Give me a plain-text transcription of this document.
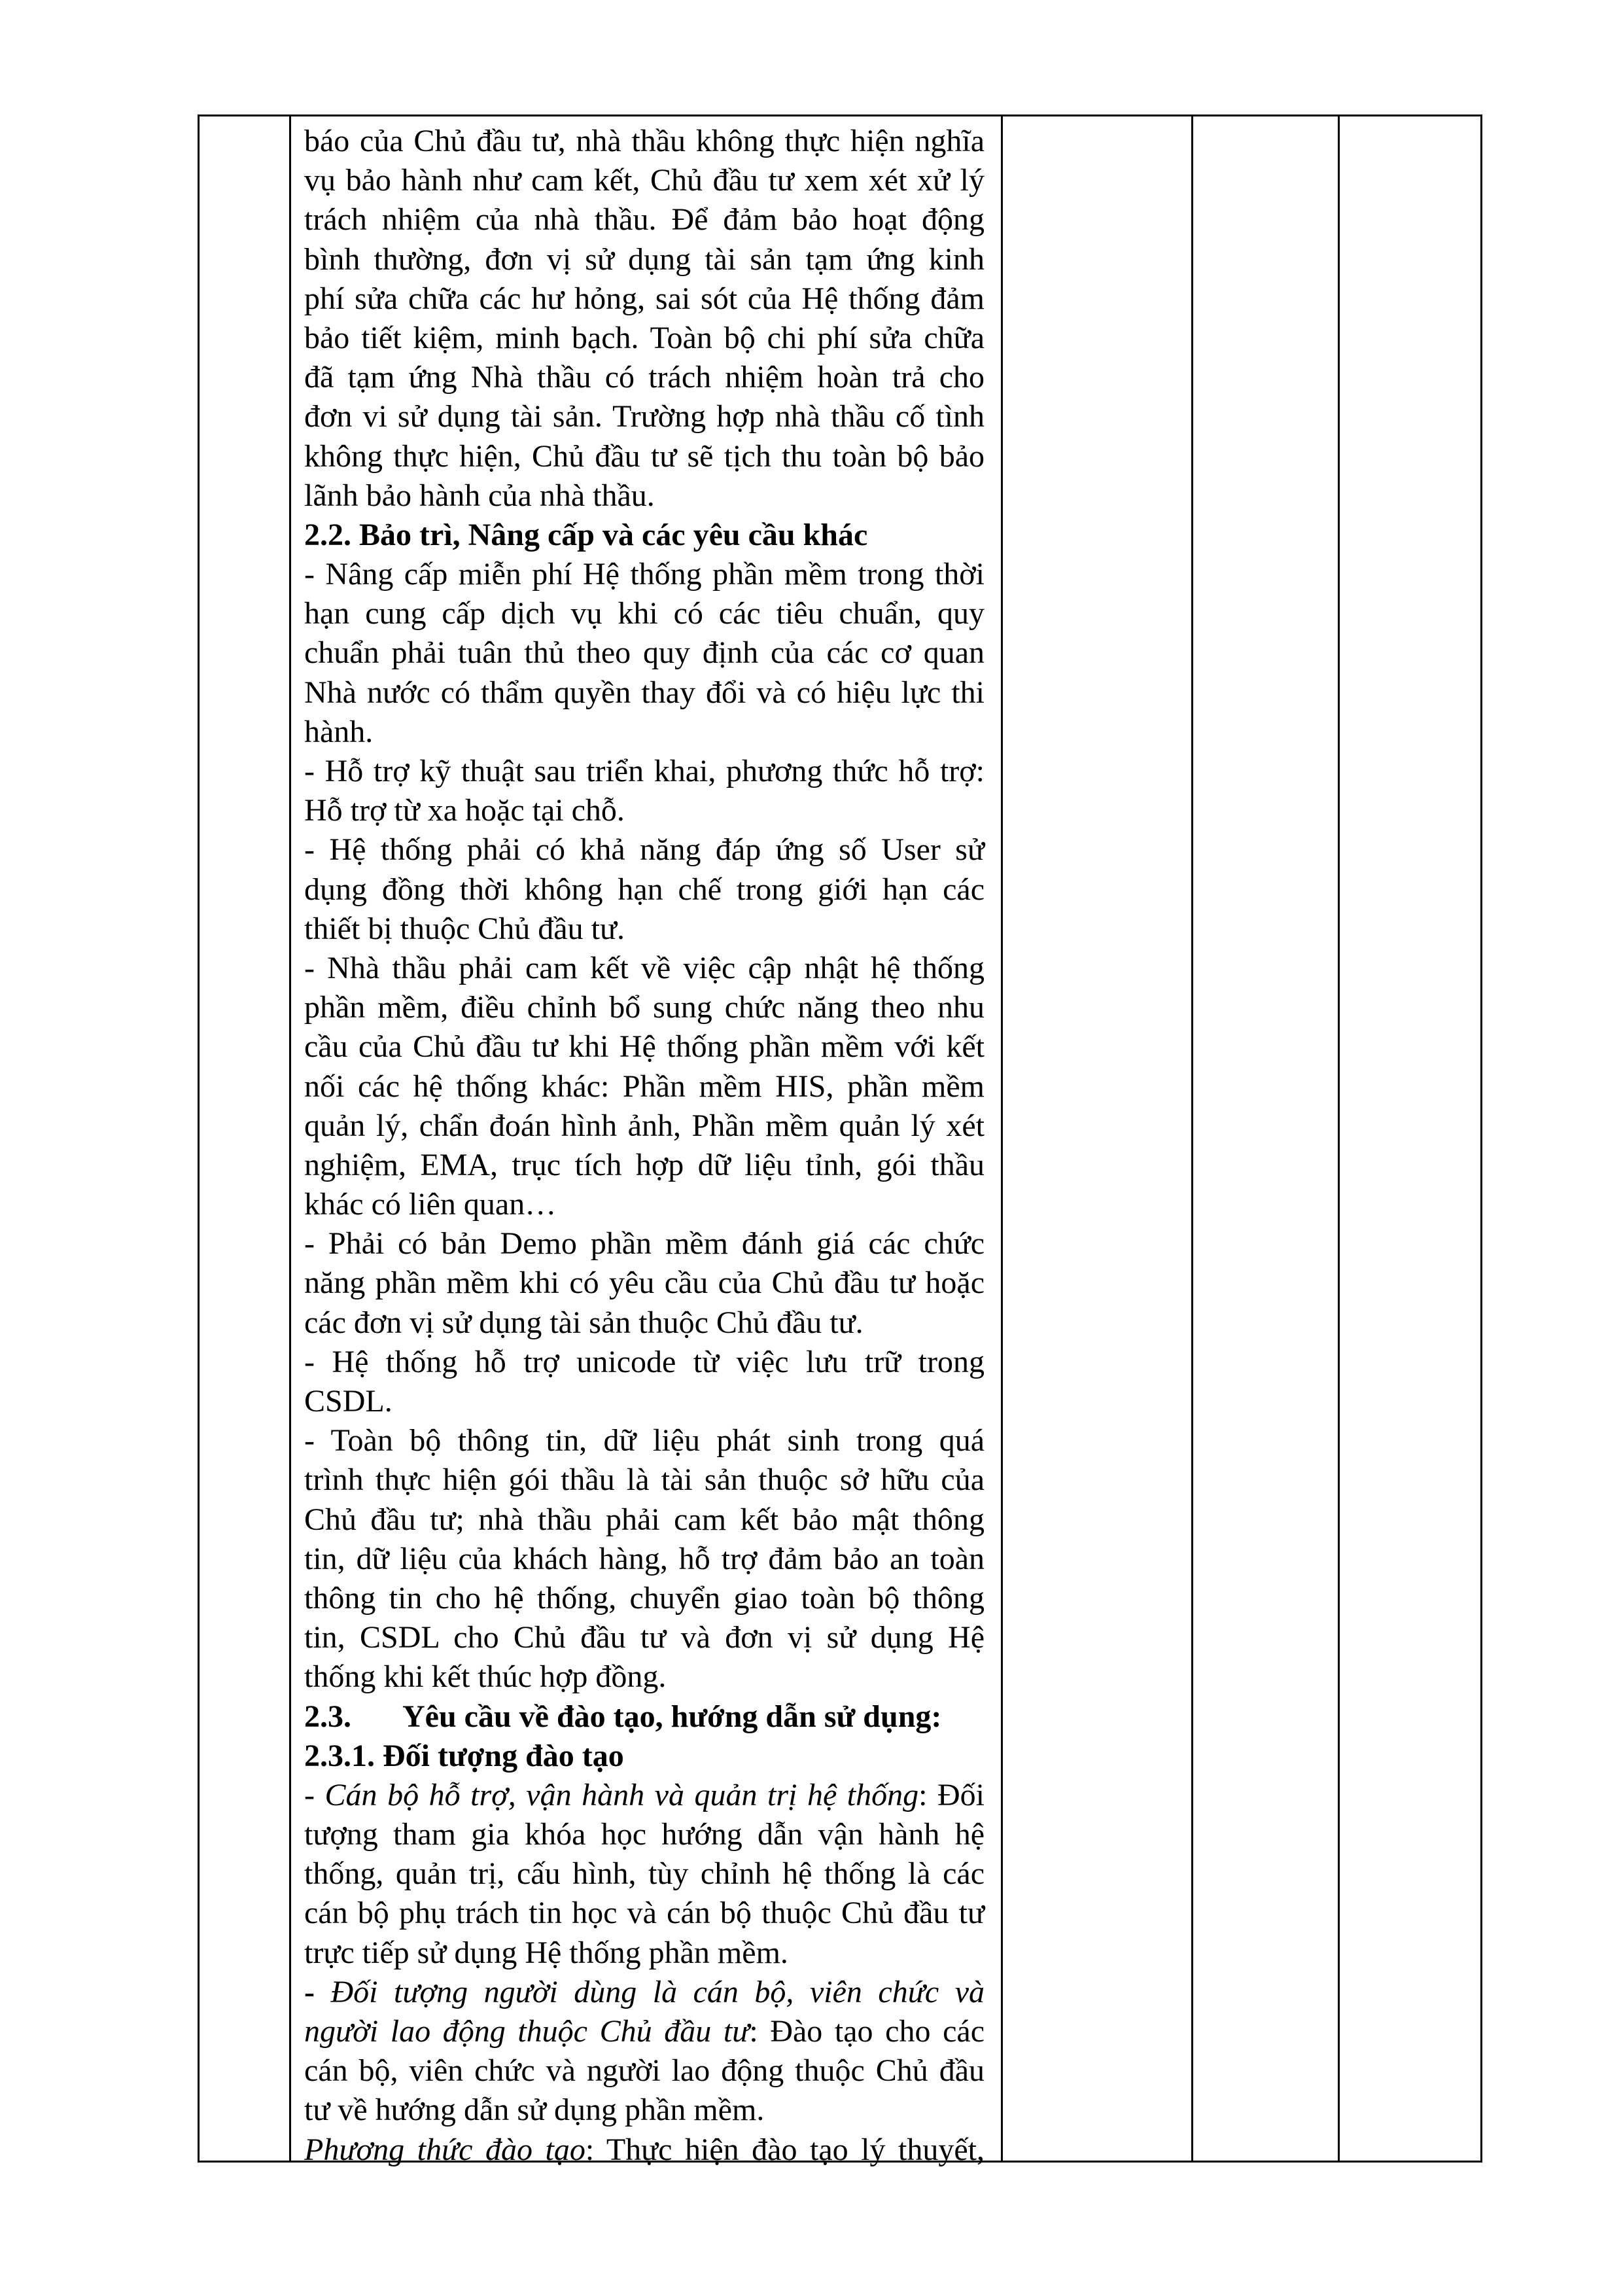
báo của Chủ đầu tư, nhà thầu không thực hiện nghĩa
vụ bảo hành như cam kết, Chủ đầu tư xem xét xử lý
trách nhiệm của nhà thầu. Để đảm bảo hoạt động
bình thường, đơn vị sử dụng tài sản tạm ứng kinh
phí sửa chữa các hư hỏng, sai sót của Hệ thống đảm
bảo tiết kiệm, minh bạch. Toàn bộ chi phí sửa chữa
đã tạm ứng Nhà thầu có trách nhiệm hoàn trả cho
đơn vi sử dụng tài sản. Trường hợp nhà thầu cố tình
không thực hiện, Chủ đầu tư sẽ tịch thu toàn bộ bảo
lãnh bảo hành của nhà thầu.
2.2. Bảo trì, Nâng cấp và các yêu cầu khác
- Nâng cấp miễn phí Hệ thống phần mềm trong thời
hạn cung cấp dịch vụ khi có các tiêu chuẩn, quy
chuẩn phải tuân thủ theo quy định của các cơ quan
Nhà nước có thẩm quyền thay đổi và có hiệu lực thi
hành.
- Hỗ trợ kỹ thuật sau triển khai, phương thức hỗ trợ:
Hỗ trợ từ xa hoặc tại chỗ.
- Hệ thống phải có khả năng đáp ứng số User sử
dụng đồng thời không hạn chế trong giới hạn các
thiết bị thuộc Chủ đầu tư.
- Nhà thầu phải cam kết về việc cập nhật hệ thống
phần mềm, điều chỉnh bổ sung chức năng theo nhu
cầu của Chủ đầu tư khi Hệ thống phần mềm với kết
nối các hệ thống khác: Phần mềm HIS, phần mềm
quản lý, chẩn đoán hình ảnh, Phần mềm quản lý xét
nghiệm, EMA, trục tích hợp dữ liệu tỉnh, gói thầu
khác có liên quan…
- Phải có bản Demo phần mềm đánh giá các chức
năng phần mềm khi có yêu cầu của Chủ đầu tư hoặc
các đơn vị sử dụng tài sản thuộc Chủ đầu tư.
- Hệ thống hỗ trợ unicode từ việc lưu trữ trong
CSDL.
- Toàn bộ thông tin, dữ liệu phát sinh trong quá
trình thực hiện gói thầu là tài sản thuộc sở hữu của
Chủ đầu tư; nhà thầu phải cam kết bảo mật thông
tin, dữ liệu của khách hàng, hỗ trợ đảm bảo an toàn
thông tin cho hệ thống, chuyển giao toàn bộ thông
tin, CSDL cho Chủ đầu tư và đơn vị sử dụng Hệ
thống khi kết thúc hợp đồng.
2.3. Yêu cầu về đào tạo, hướng dẫn sử dụng:
2.3.1. Đối tượng đào tạo
- Cán bộ hỗ trợ, vận hành và quản trị hệ thống: Đối
tượng tham gia khóa học hướng dẫn vận hành hệ
thống, quản trị, cấu hình, tùy chỉnh hệ thống là các
cán bộ phụ trách tin học và cán bộ thuộc Chủ đầu tư
trực tiếp sử dụng Hệ thống phần mềm.
- Đối tượng người dùng là cán bộ, viên chức và
người lao động thuộc Chủ đầu tư: Đào tạo cho các
cán bộ, viên chức và người lao động thuộc Chủ đầu
tư về hướng dẫn sử dụng phần mềm.
Phương thức đào tạo: Thực hiện đào tạo lý thuyết,
